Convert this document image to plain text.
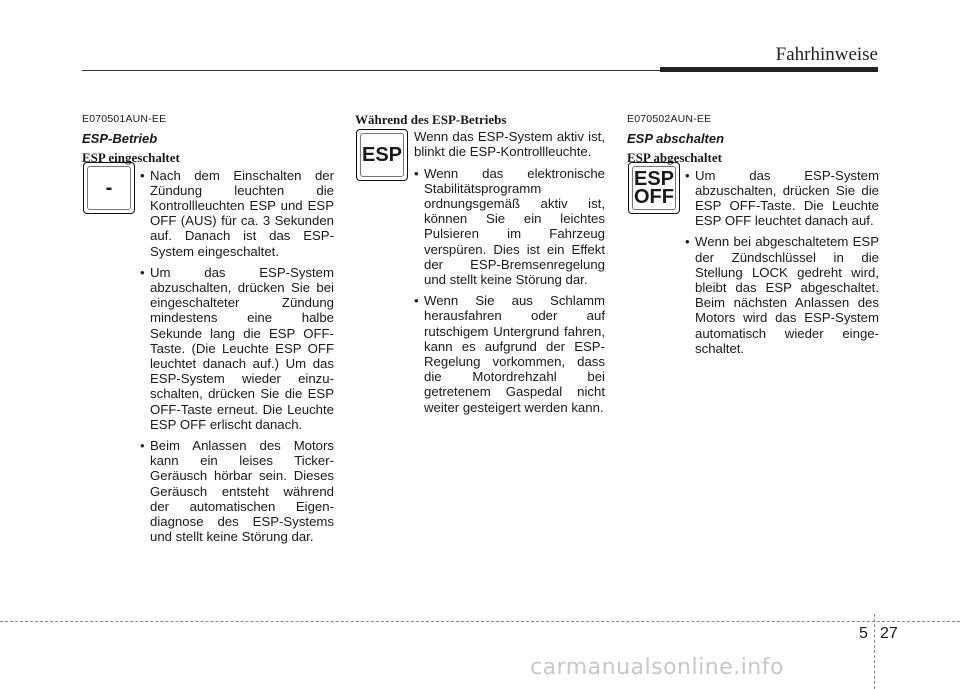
Fahrhinweise
E070501AUN-EE
ESP-Betrieb
ESP eingeschaltet
• Nach dem Einschalten der Zündung leuchten die Kontrollleuchten ESP und ESP OFF (AUS) für ca. 3 Sekunden auf. Danach ist das ESP-System eingeschaltet.
• Um das ESP-System abzuschalten, drücken Sie bei eingeschalteter Zündung mindestens eine halbe Sekunde lang die ESP OFF-Taste. (Die Leuchte ESP OFF leuchtet danach auf.) Um das ESP-System wieder einzu-schalten, drücken Sie die ESP OFF-Taste erneut. Die Leuchte ESP OFF erlischt danach.
• Beim Anlassen des Motors kann ein leises Ticker-Geräusch hörbar sein. Dieses Geräusch entsteht während der automatischen Eigen-diagnose des ESP-Systems und stellt keine Störung dar.
-
Während des ESP-Betriebs
Wenn das ESP-System aktiv ist, blinkt die ESP-Kontrollleuchte.
• Wenn das elektronische Stabilitätsprogramm ordnungsgemäß aktiv ist, können Sie ein leichtes Pulsieren im Fahrzeug verspüren. Dies ist ein Effekt der ESP-Bremsenregelung und stellt keine Störung dar.
• Wenn Sie aus Schlamm herausfahren oder auf rutschigem Untergrund fahren, kann es aufgrund der ESP-Regelung vorkommen, dass die Motordrehzahl bei getretenem Gaspedal nicht weiter gesteigert werden kann.
ESP
E070502AUN-EE
ESP abschalten
ESP abgeschaltet
• Um das ESP-System abzuschalten, drücken Sie die ESP OFF-Taste. Die Leuchte ESP OFF leuchtet danach auf.
• Wenn bei abgeschaltetem ESP der Zündschlüssel in die Stellung LOCK gedreht wird, bleibt das ESP abgeschaltet. Beim nächsten Anlassen des Motors wird das ESP-System automatisch wieder einge-schaltet.
ESP
OFF
5 27
carmanualsonline.info
